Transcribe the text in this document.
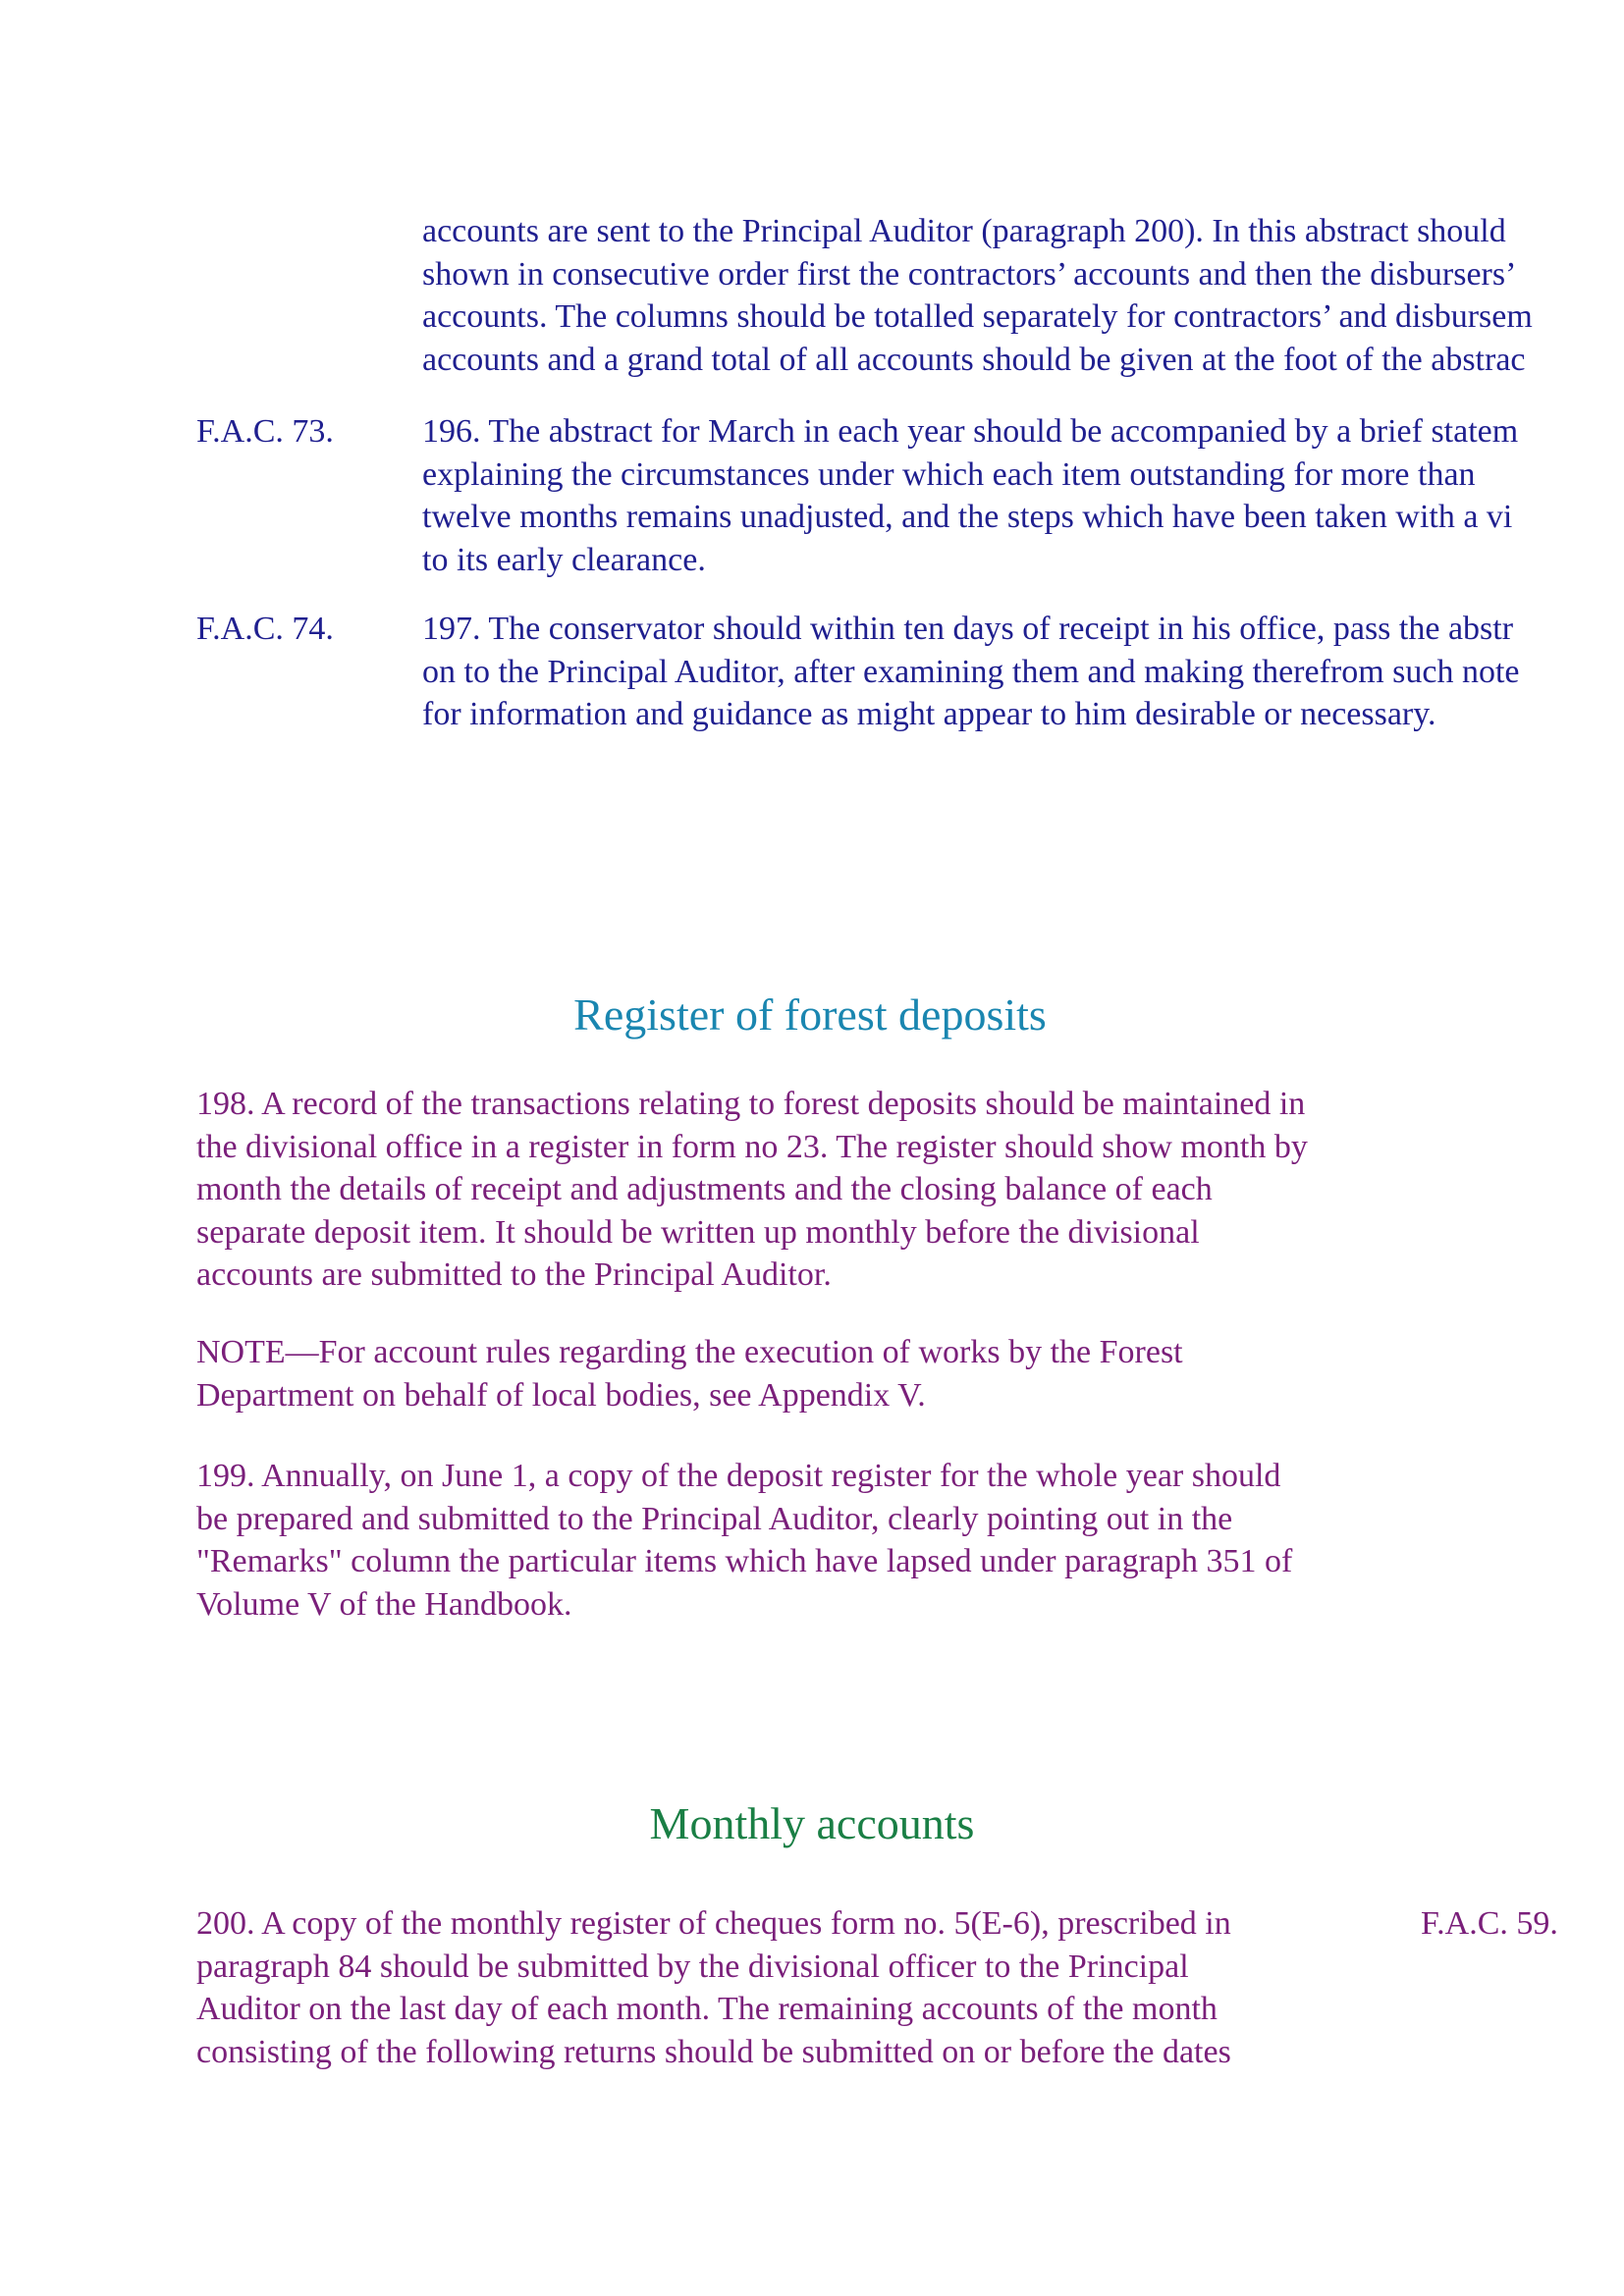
accounts are sent to the Principal Auditor (paragraph 200). In this abstract should
shown in consecutive order first the contractors’ accounts and then the disbursers’
accounts. The columns should be totalled separately for contractors’ and disbursem
accounts and a grand total of all accounts should be given at the foot of the abstrac
F.A.C. 73.	196. The abstract for March in each year should be accompanied by a brief statem
explaining the circumstances under which each item outstanding for more than
twelve months remains unadjusted, and the steps which have been taken with a vi
to its early clearance.
F.A.C. 74.	197. The conservator should within ten days of receipt in his office, pass the abstr
on to the Principal Auditor, after examining them and making therefrom such note
for information and guidance as might appear to him desirable or necessary.
Register of forest deposits
198. A record of the transactions relating to forest deposits should be maintained in
the divisional office in a register in form no 23. The register should show month by
month the details of receipt and adjustments and the closing balance of each
separate deposit item. It should be written up monthly before the divisional
accounts are submitted to the Principal Auditor.
NOTE—For account rules regarding the execution of works by the Forest
Department on behalf of local bodies, see Appendix V.
199. Annually, on June 1, a copy of the deposit register for the whole year should
be prepared and submitted to the Principal Auditor, clearly pointing out in the
"Remarks" column the particular items which have lapsed under paragraph 351 of
Volume V of the Handbook.
Monthly accounts
200. A copy of the monthly register of cheques form no. 5(E-6), prescribed in
paragraph 84 should be submitted by the divisional officer to the Principal
Auditor on the last day of each month. The remaining accounts of the month
consisting of the following returns should be submitted on or before the dates
F.A.C. 59.
